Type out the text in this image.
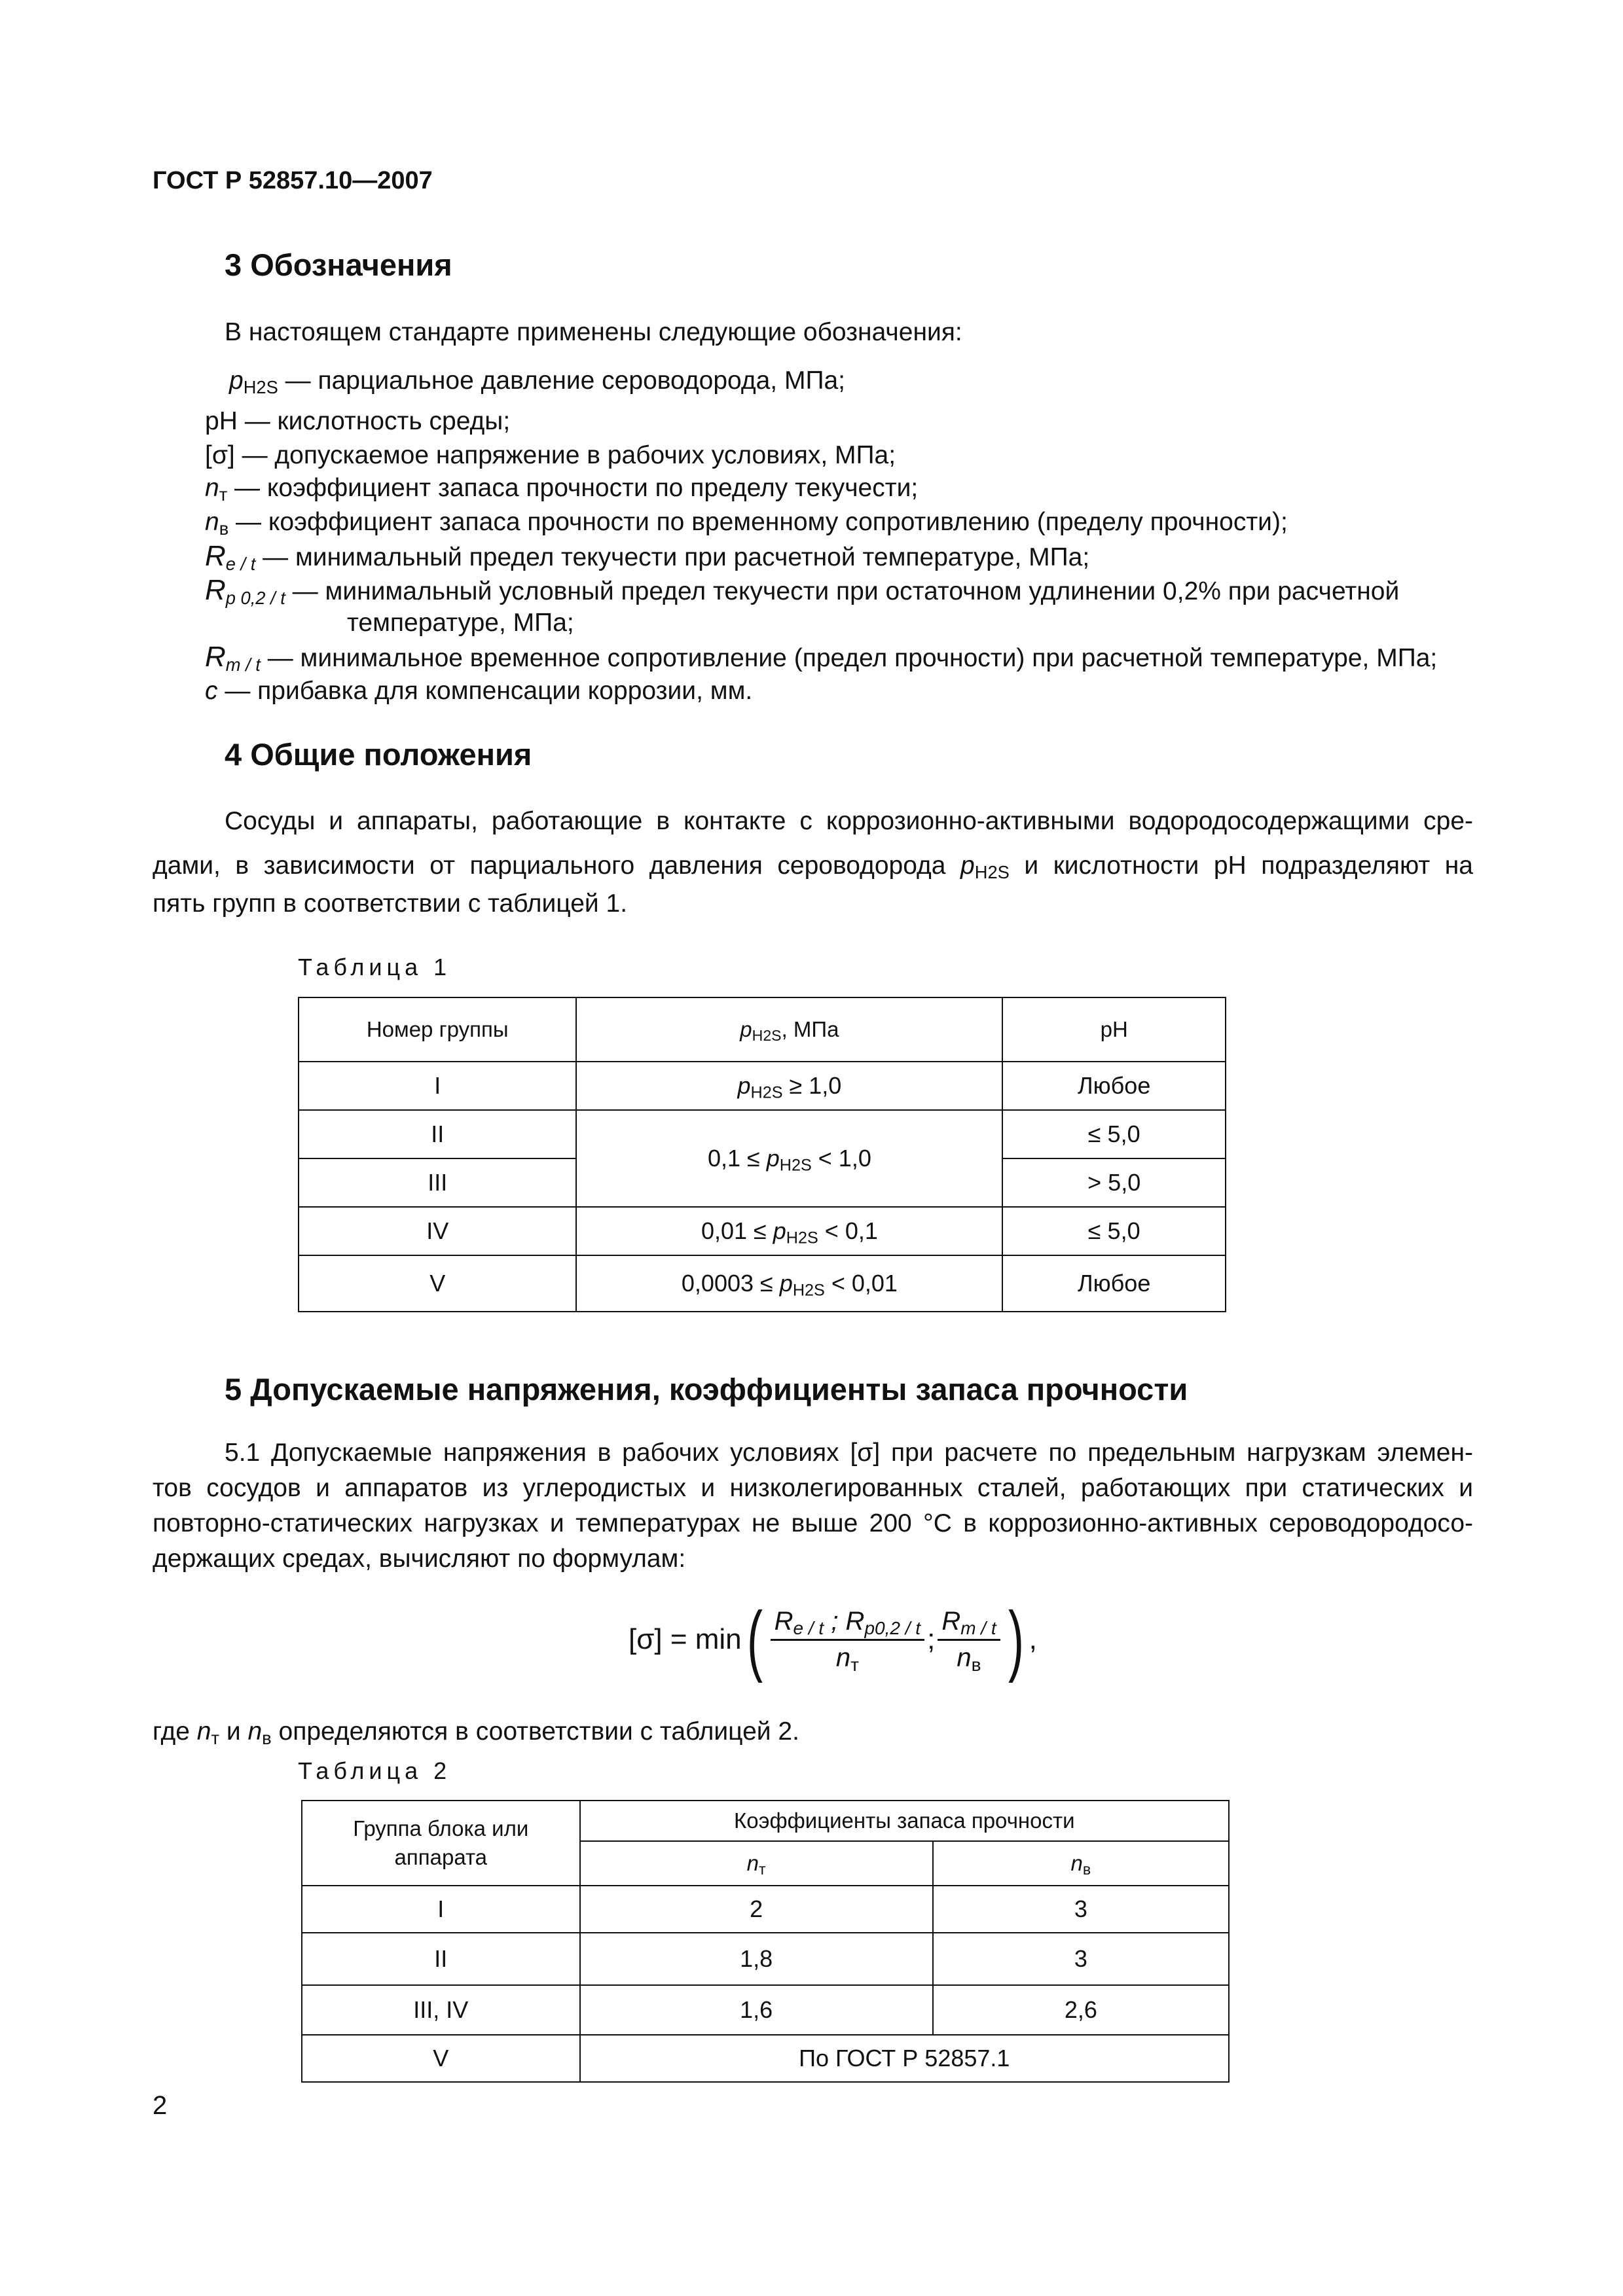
ГОСТ Р 52857.10—2007
3 Обозначения
В настоящем стандарте применены следующие обозначения:
$p_{H2S}$ — парциальное давление сероводорода, МПа;
pH — кислотность среды;
[σ] — допускаемое напряжение в рабочих условиях, МПа;
$n_т$ — коэффициент запаса прочности по пределу текучести;
$n_в$ — коэффициент запаса прочности по временному сопротивлению (пределу прочности);
$R_{e / t}$ — минимальный предел текучести при расчетной температуре, МПа;
$R_{p 0,2 / t}$ — минимальный условный предел текучести при остаточном удлинении 0,2% при расчетной
температуре, МПа;
$R_{m / t}$ — минимальное временное сопротивление (предел прочности) при расчетной температуре, МПа;
c — прибавка для компенсации коррозии, мм.
4 Общие положения
Сосуды и аппараты, работающие в контакте с коррозионно-активными водородосодержащими сре-
дами, в зависимости от парциального давления сероводорода $p_{H2S}$ и кислотности pH подразделяют на
пять групп в соответствии с таблицей 1.
Таблица 1
Номер группы	$p_{H2S}$, МПа	pH
I	$p_{H2S} \ge 1,0$	Любое
II	$0,1 \le p_{H2S} < 1,0$	≤ 5,0
III		> 5,0
IV	$0,01 \le p_{H2S} < 0,1$	≤ 5,0
V	$0,0003 \le p_{H2S} < 0,01$	Любое
5 Допускаемые напряжения, коэффициенты запаса прочности
5.1 Допускаемые напряжения в рабочих условиях [σ] при расчете по предельным нагрузкам элемен-
тов сосудов и аппаратов из углеродистых и низколегированных сталей, работающих при статических и
повторно-статических нагрузках и температурах не выше 200 °C в коррозионно-активных сероводородосо-
держащих средах, вычисляют по формулам:
[σ] = min ( $\frac{R_{e / t} ; R_{p0,2 / t}}{n_т}$ ; $\frac{R_{m / t}}{n_в}$ ) ,
где $n_т$ и $n_в$ определяются в соответствии с таблицей 2.
Таблица 2
Группа блока или аппарата	Коэффициенты запаса прочности	
	$n_т$	$n_в$
I	2	3
II	1,8	3
III, IV	1,6	2,6
V	По ГОСТ Р 52857.1	
2
